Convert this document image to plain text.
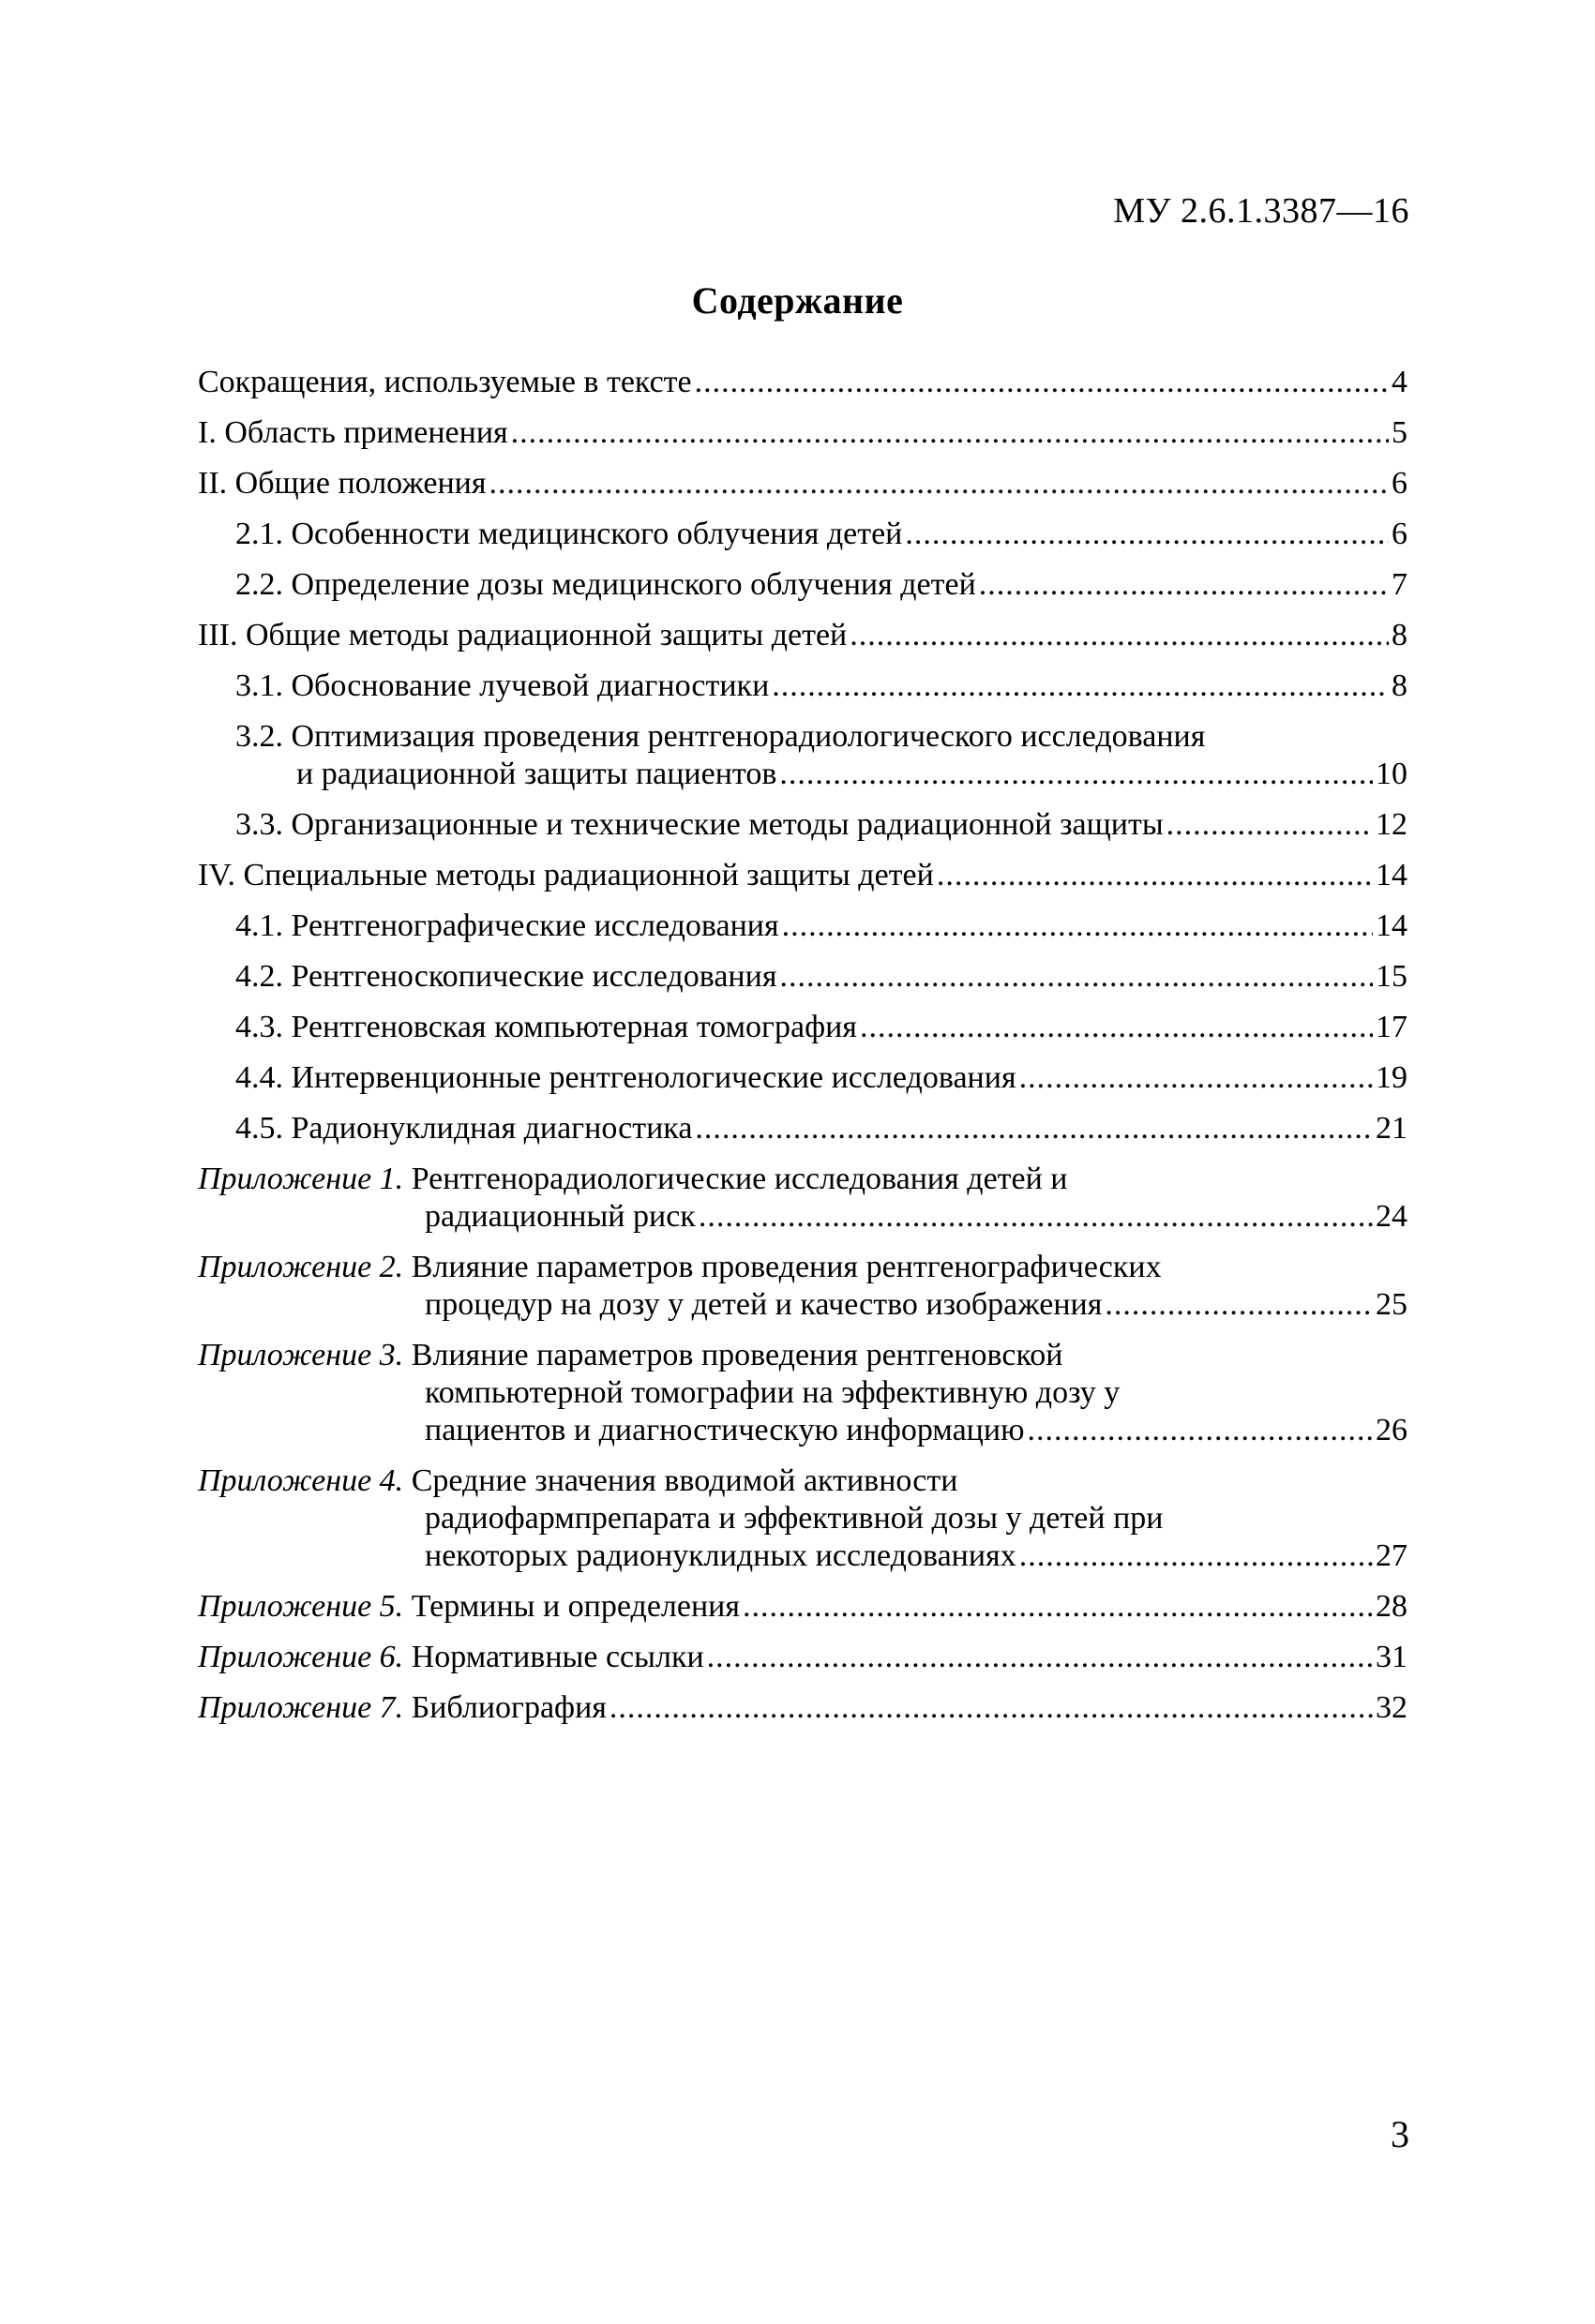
МУ 2.6.1.3387—16
Содержание
Сокращения, используемые в тексте .....	4
I. Область применения .....	5
II. Общие положения .....	6
2.1. Особенности медицинского облучения детей .....	6
2.2. Определение дозы медицинского облучения детей .....	7
III. Общие методы радиационной защиты детей .....	8
3.1. Обоснование лучевой диагностики .....	8
3.2. Оптимизация проведения рентгенорадиологического исследования
и радиационной защиты пациентов .....	10
3.3. Организационные и технические методы радиационной защиты .....	12
IV. Специальные методы радиационной защиты детей .....	14
4.1. Рентгенографические исследования .....	14
4.2. Рентгеноскопические исследования .....	15
4.3. Рентгеновская компьютерная томография .....	17
4.4. Интервенционные рентгенологические исследования .....	19
4.5. Радионуклидная диагностика .....	21
Приложение 1. Рентгенорадиологические исследования детей и
радиационный риск .....	24
Приложение 2. Влияние параметров проведения рентгенографических
процедур на дозу у детей и качество изображения .....	25
Приложение 3. Влияние параметров проведения рентгеновской
компьютерной томографии на эффективную дозу у
пациентов и диагностическую информацию .....	26
Приложение 4. Средние значения вводимой активности
радиофармпрепарата и эффективной дозы у детей при
некоторых радионуклидных исследованиях .....	27
Приложение 5. Термины и определения .....	28
Приложение 6. Нормативные ссылки .....	31
Приложение 7. Библиография .....	32
3
